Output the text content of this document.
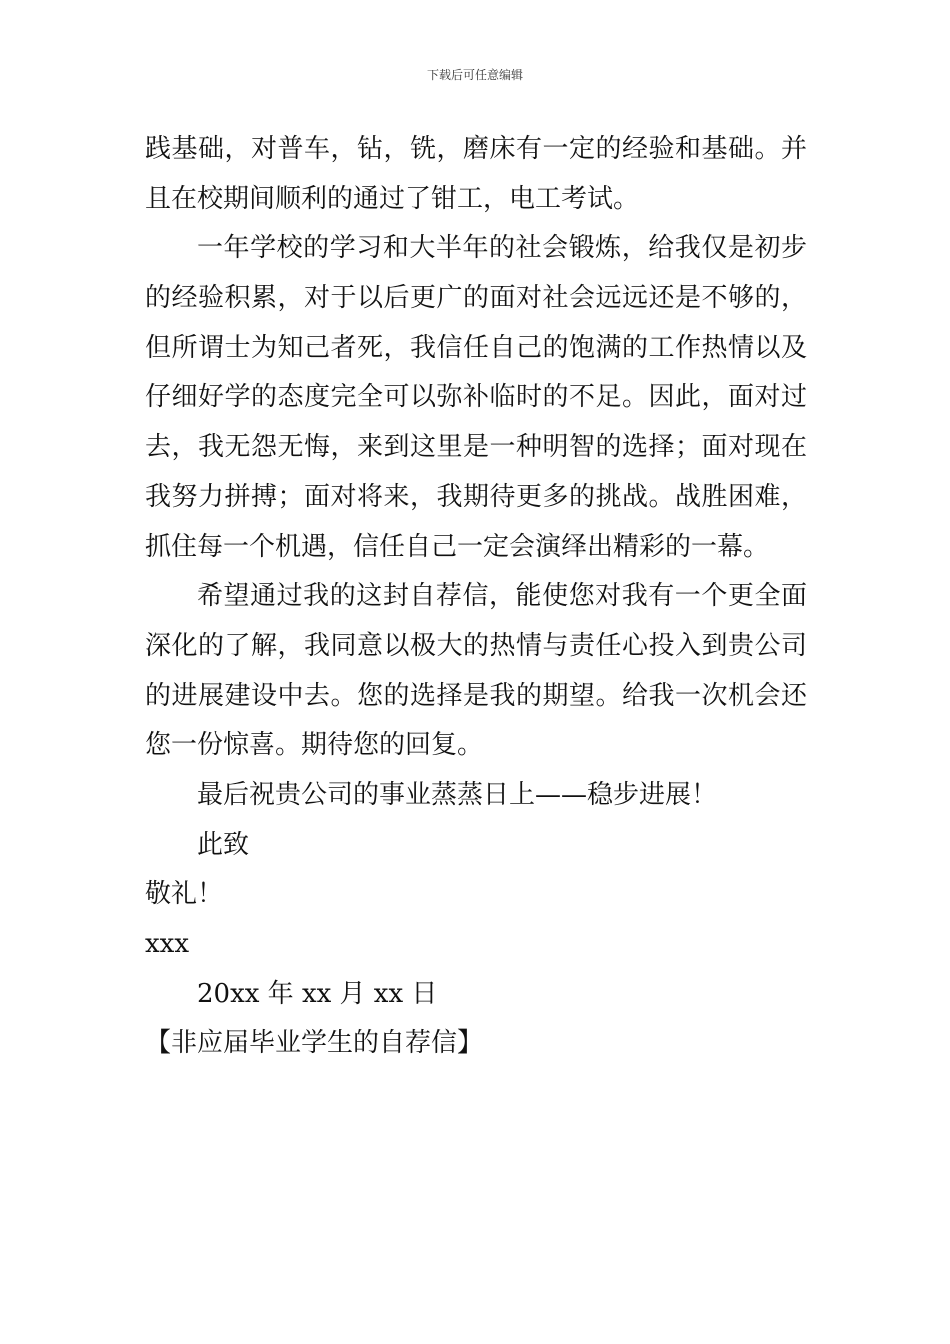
下载后可任意编辑
践基础，对普车，钻，铣，磨床有一定的经验和基础。并
且在校期间顺利的通过了钳工，电工考试。
一年学校的学习和大半年的社会锻炼，给我仅是初步
的经验积累，对于以后更广的面对社会远远还是不够的，
但所谓士为知己者死，我信任自己的饱满的工作热情以及
仔细好学的态度完全可以弥补临时的不足。因此，面对过
去，我无怨无悔，来到这里是一种明智的选择；面对现在
我努力拼搏；面对将来，我期待更多的挑战。战胜困难，
抓住每一个机遇，信任自己一定会演绎出精彩的一幕。
希望通过我的这封自荐信，能使您对我有一个更全面
深化的了解，我同意以极大的热情与责任心投入到贵公司
的进展建设中去。您的选择是我的期望。给我一次机会还
您一份惊喜。期待您的回复。
最后祝贵公司的事业蒸蒸日上——稳步进展！
此致
敬礼！
xxx
20xx 年 xx 月 xx 日
【非应届毕业学生的自荐信】
